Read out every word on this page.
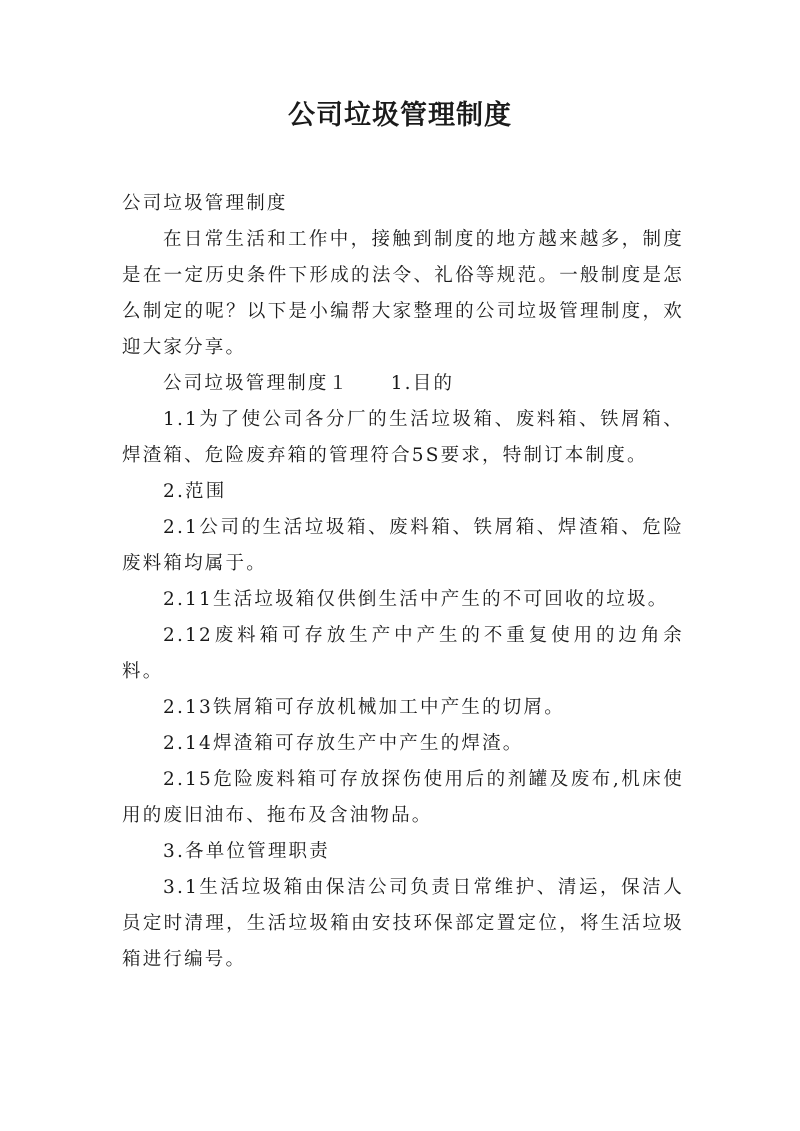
公司垃圾管理制度

公司垃圾管理制度

在日常生活和工作中，接触到制度的地方越来越多，制度是在一定历史条件下形成的法令、礼俗等规范。一般制度是怎么制定的呢？以下是小编帮大家整理的公司垃圾管理制度，欢迎大家分享。

公司垃圾管理制度１　　1.目的

1.1为了使公司各分厂的生活垃圾箱、废料箱、铁屑箱、焊渣箱、危险废弃箱的管理符合5S要求，特制订本制度。

2.范围

2.1公司的生活垃圾箱、废料箱、铁屑箱、焊渣箱、危险废料箱均属于。

2.11生活垃圾箱仅供倒生活中产生的不可回收的垃圾。

2.12废料箱可存放生产中产生的不重复使用的边角余料。

2.13铁屑箱可存放机械加工中产生的切屑。

2.14焊渣箱可存放生产中产生的焊渣。

2.15危险废料箱可存放探伤使用后的剂罐及废布,机床使用的废旧油布、拖布及含油物品。

3.各单位管理职责

3.1生活垃圾箱由保洁公司负责日常维护、清运，保洁人员定时清理，生活垃圾箱由安技环保部定置定位，将生活垃圾箱进行编号。
